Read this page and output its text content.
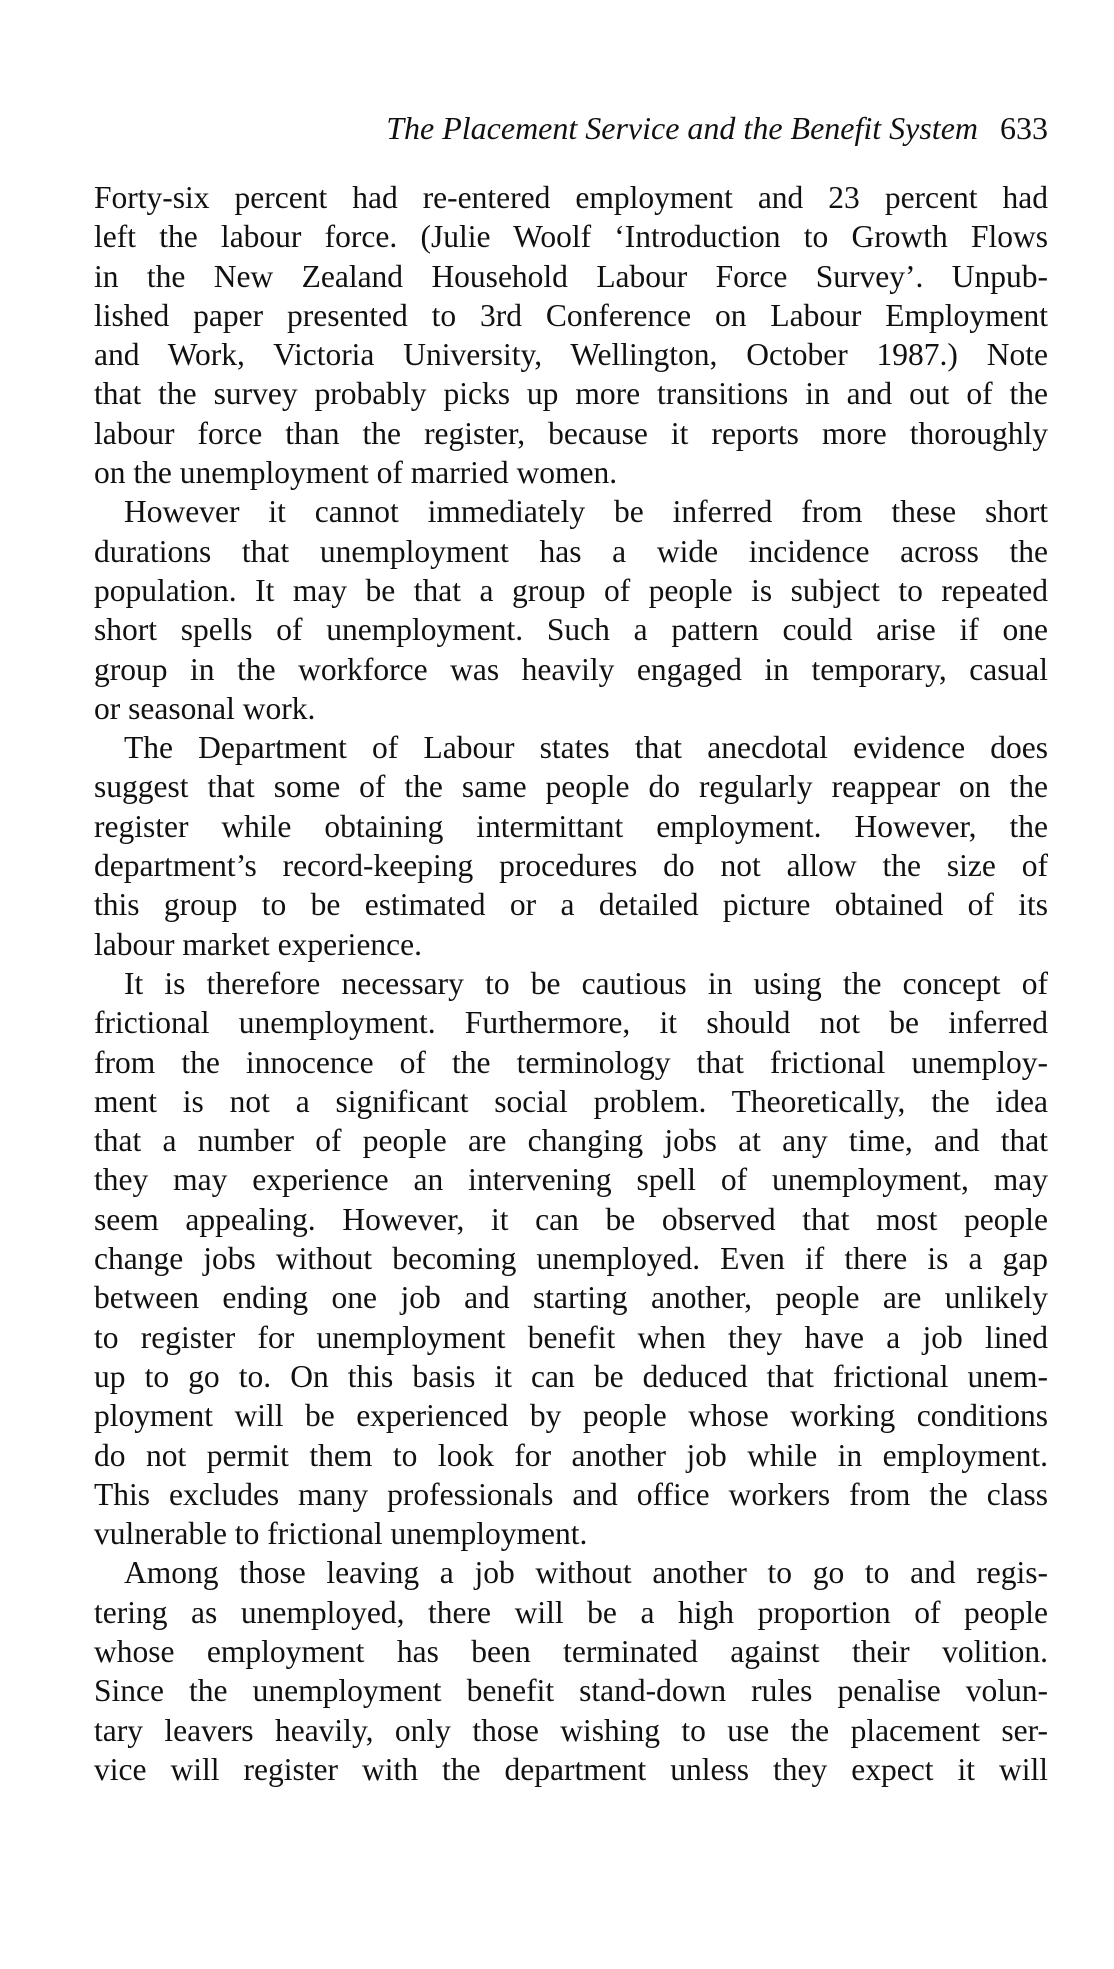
The Placement Service and the Benefit System 633
Forty-six percent had re-entered employment and 23 percent had
left the labour force. (Julie Woolf ‘Introduction to Growth Flows
in the New Zealand Household Labour Force Survey’. Unpub-
lished paper presented to 3rd Conference on Labour Employment
and Work, Victoria University, Wellington, October 1987.) Note
that the survey probably picks up more transitions in and out of the
labour force than the register, because it reports more thoroughly
on the unemployment of married women.
However it cannot immediately be inferred from these short
durations that unemployment has a wide incidence across the
population. It may be that a group of people is subject to repeated
short spells of unemployment. Such a pattern could arise if one
group in the workforce was heavily engaged in temporary, casual
or seasonal work.
The Department of Labour states that anecdotal evidence does
suggest that some of the same people do regularly reappear on the
register while obtaining intermittant employment. However, the
department’s record-keeping procedures do not allow the size of
this group to be estimated or a detailed picture obtained of its
labour market experience.
It is therefore necessary to be cautious in using the concept of
frictional unemployment. Furthermore, it should not be inferred
from the innocence of the terminology that frictional unemploy-
ment is not a significant social problem. Theoretically, the idea
that a number of people are changing jobs at any time, and that
they may experience an intervening spell of unemployment, may
seem appealing. However, it can be observed that most people
change jobs without becoming unemployed. Even if there is a gap
between ending one job and starting another, people are unlikely
to register for unemployment benefit when they have a job lined
up to go to. On this basis it can be deduced that frictional unem-
ployment will be experienced by people whose working conditions
do not permit them to look for another job while in employment.
This excludes many professionals and office workers from the class
vulnerable to frictional unemployment.
Among those leaving a job without another to go to and regis-
tering as unemployed, there will be a high proportion of people
whose employment has been terminated against their volition.
Since the unemployment benefit stand-down rules penalise volun-
tary leavers heavily, only those wishing to use the placement ser-
vice will register with the department unless they expect it will
